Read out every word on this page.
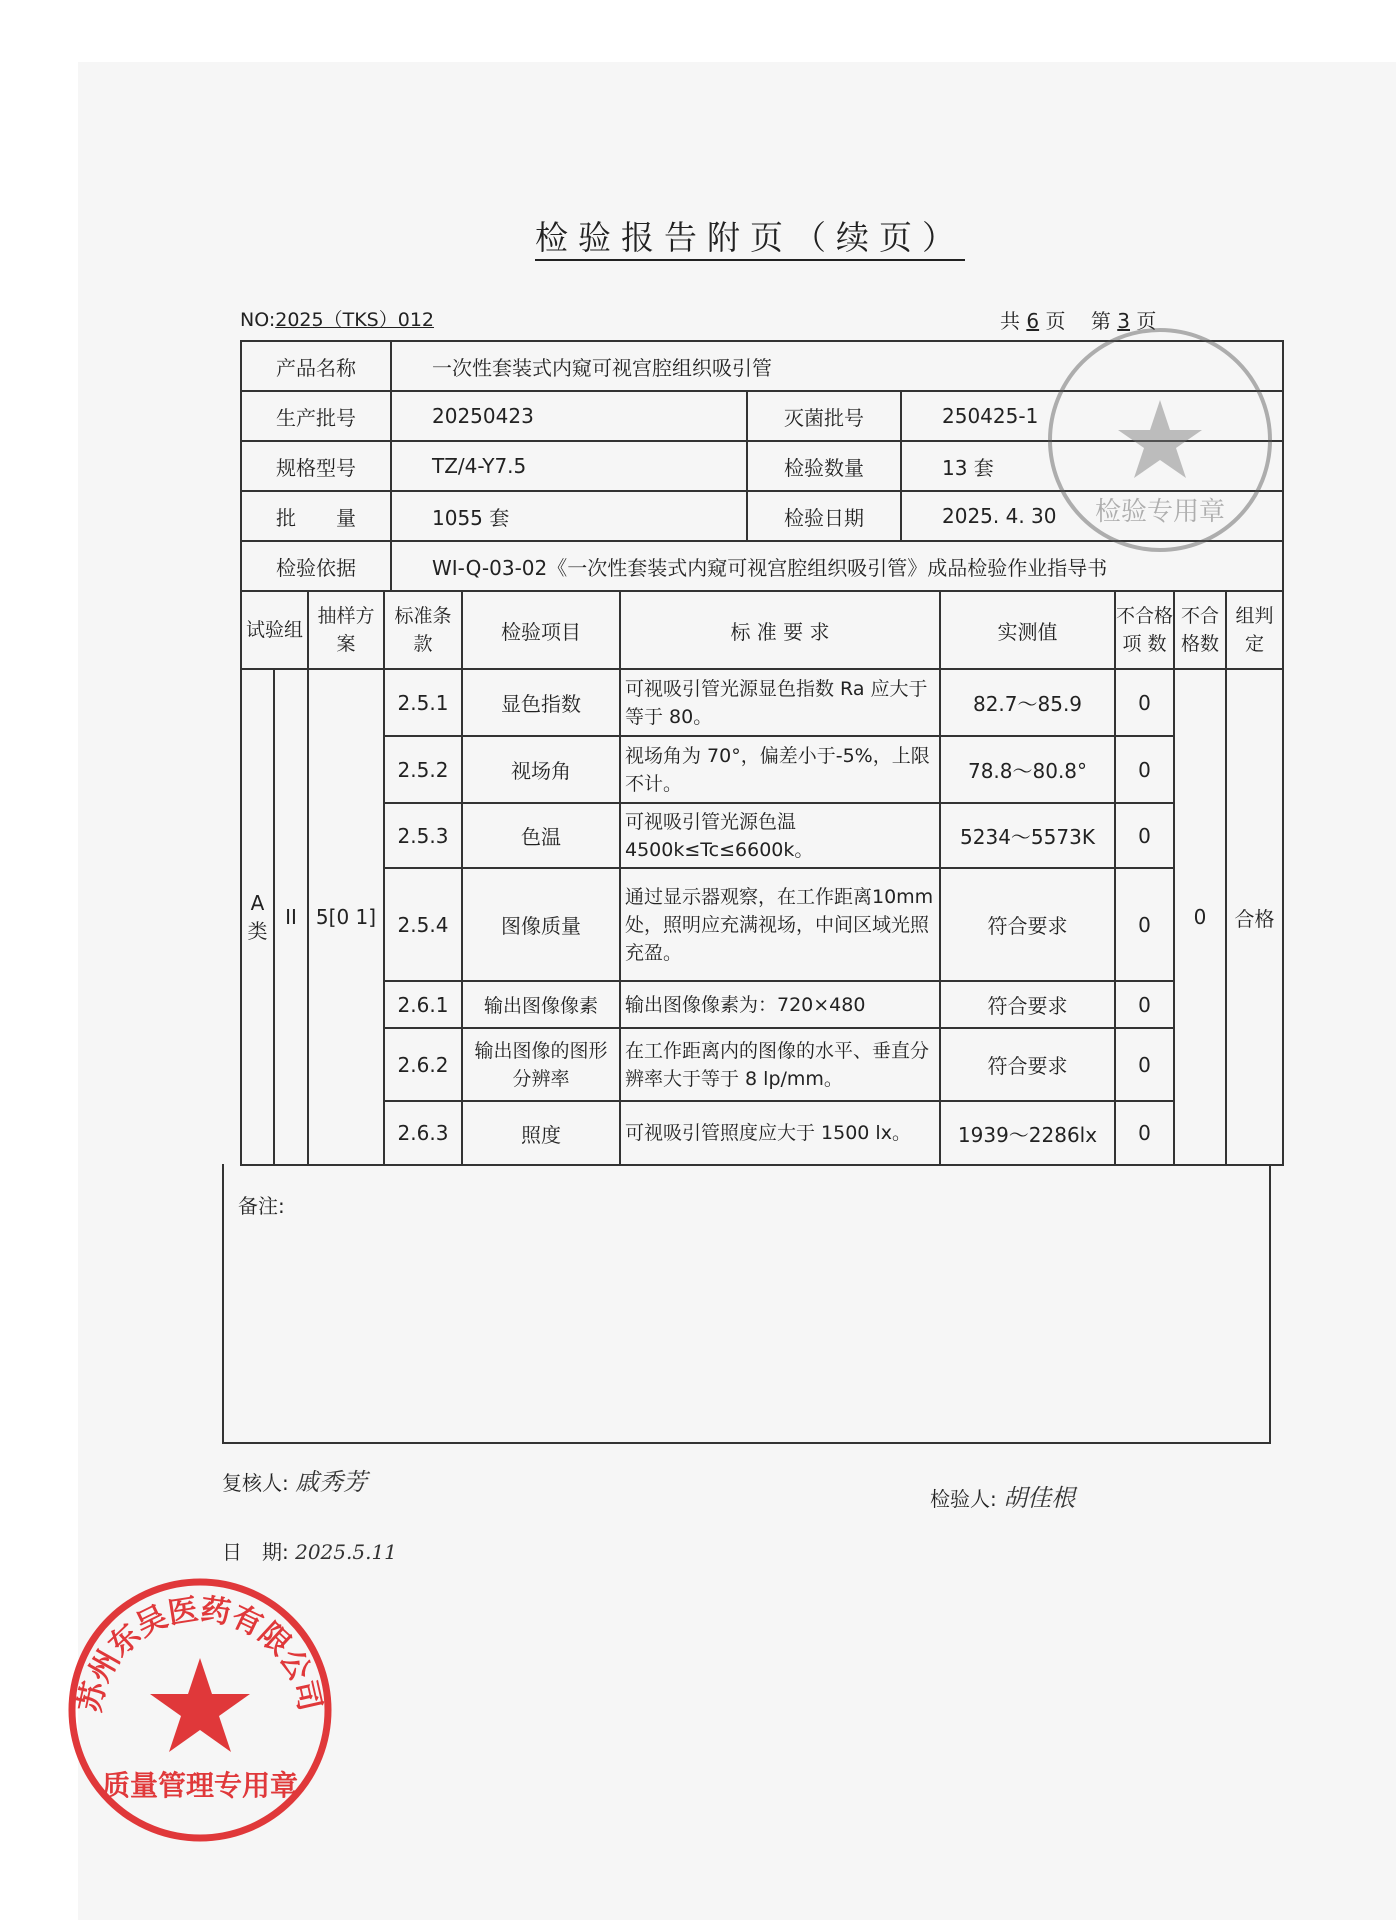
检验报告附页（续页）
NO:2025（TKS）012	共 6 页 第 3 页
产品名称	一次性套装式内窥可视宫腔组织吸引管		
生产批号	20250423	灭菌批号	250425-1
规格型号	TZ/4-Y7.5	检验数量	13 套
批　　量	1055 套	检验日期	2025. 4. 30
检验依据	WI-Q-03-02《一次性套装式内窥可视宫腔组织吸引管》成品检验作业指导书		
试验组		抽样方案	标准条款	检验项目	标 准 要 求	实测值	不合格项 数	不合格数	组判定
A类	II	5[0 1]	2.5.1	显色指数	可视吸引管光源显色指数 Ra 应大于等于 80。	82.7～85.9	0	0	合格
			2.5.2	视场角	视场角为 70°，偏差小于-5%，上限不计。	78.8～80.8°	0		
			2.5.3	色温	可视吸引管光源色温 4500k≤Tc≤6600k。	5234～5573K	0		
			2.5.4	图像质量	通过显示器观察，在工作距离10mm 处，照明应充满视场，中间区域光照充盈。	符合要求	0		
			2.6.1	输出图像像素	输出图像像素为：720×480	符合要求	0		
			2.6.2	输出图像的图形分辨率	在工作距离内的图像的水平、垂直分辨率大于等于 8 lp/mm。	符合要求	0		
			2.6.3	照度	可视吸引管照度应大于 1500 lx。	1939～2286lx	0		
备注:
复核人: 戚秀芳
检验人: 胡佳根
日　期: 2025.5.11
苏州东吴医药有限公司
质量管理专用章
检验专用章
